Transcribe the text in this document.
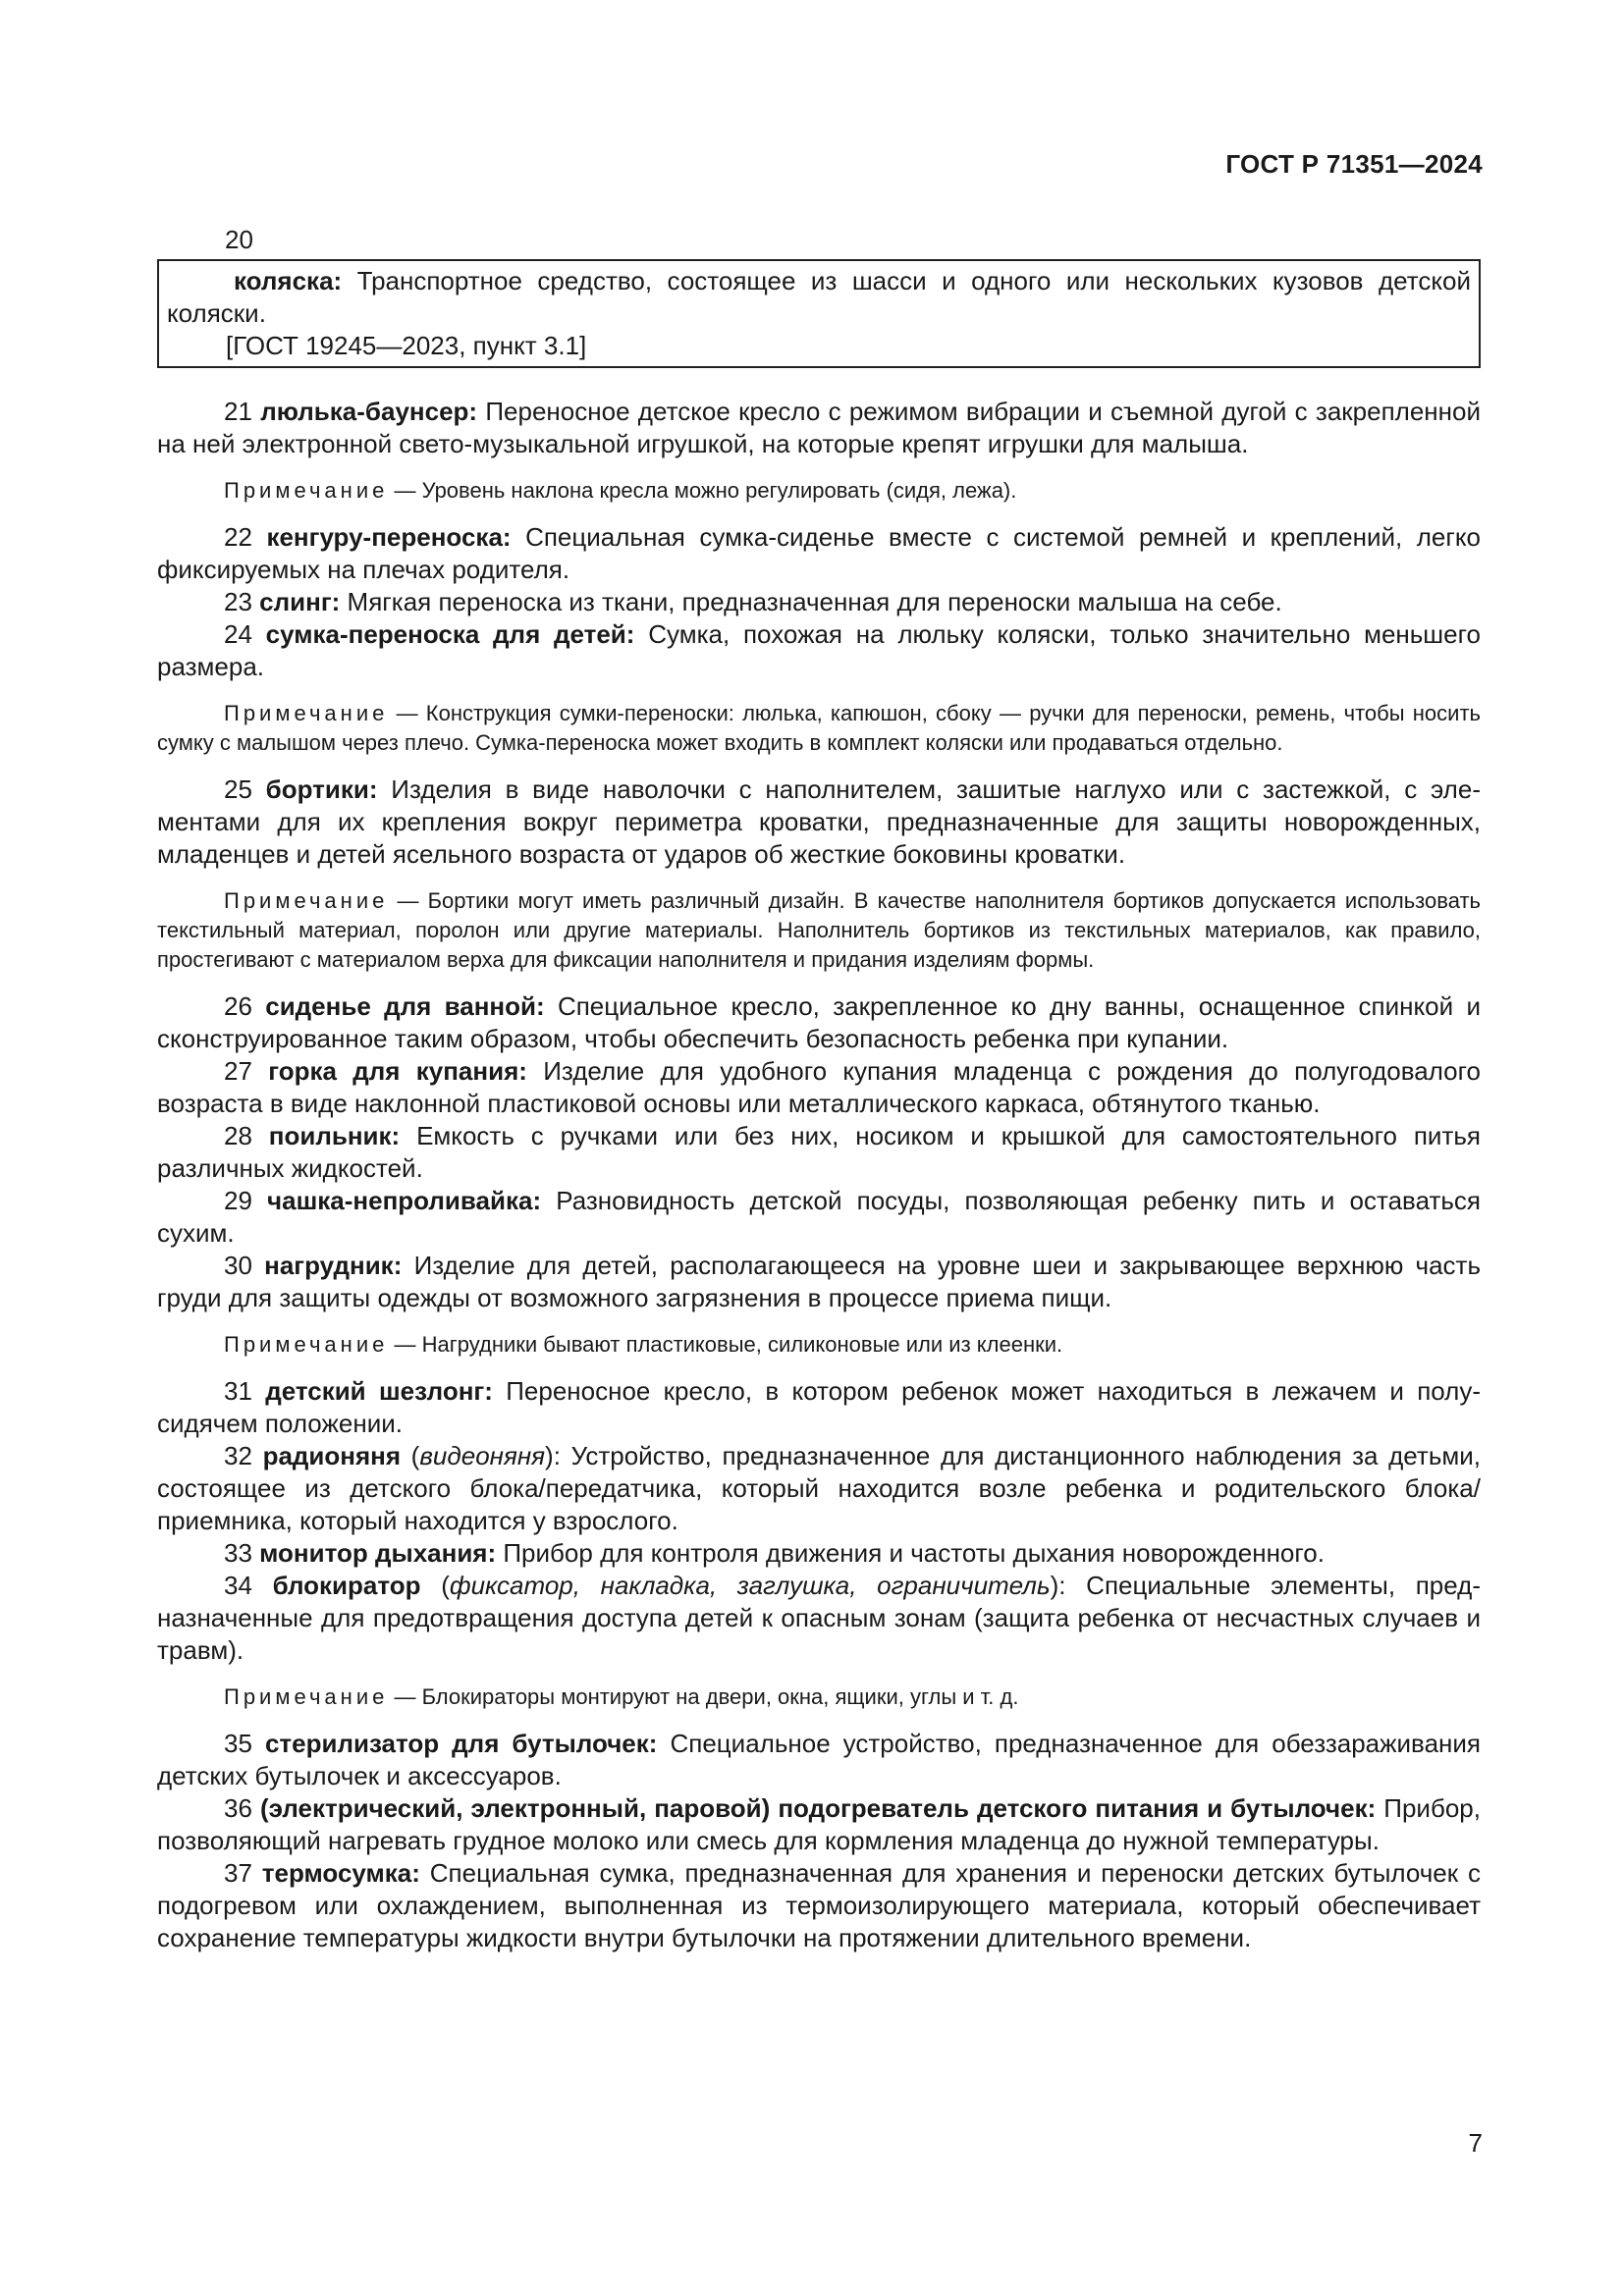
ГОСТ Р 71351—2024
20

коляска: Транспортное средство, состоящее из шасси и одного или нескольких кузовов детской коляски.

[ГОСТ 19245—2023, пункт 3.1]

21 люлька-баунсер: Переносное детское кресло с режимом вибрации и съемной дугой с закрепленной на ней электронной свето-музыкальной игрушкой, на которые крепят игрушки для малыша.

Примечание — Уровень наклона кресла можно регулировать (сидя, лежа).

22 кенгуру-переноска: Специальная сумка-сиденье вместе с системой ремней и креплений, легко фиксируемых на плечах родителя.

23 слинг: Мягкая переноска из ткани, предназначенная для переноски малыша на себе.

24 сумка-переноска для детей: Сумка, похожая на люльку коляски, только значительно меньшего размера.

Примечание — Конструкция сумки-переноски: люлька, капюшон, сбоку — ручки для переноски, ремень, чтобы носить сумку с малышом через плечо. Сумка-переноска может входить в комплект коляски или продаваться отдельно.

25 бортики: Изделия в виде наволочки с наполнителем, зашитые наглухо или с застежкой, с элементами для их крепления вокруг периметра кроватки, предназначенные для защиты новорожденных, младенцев и детей ясельного возраста от ударов об жесткие боковины кроватки.

Примечание — Бортики могут иметь различный дизайн. В качестве наполнителя бортиков допускается использовать текстильный материал, поролон или другие материалы. Наполнитель бортиков из текстильных материалов, как правило, простегивают с материалом верха для фиксации наполнителя и придания изделиям формы.

26 сиденье для ванной: Специальное кресло, закрепленное ко дну ванны, оснащенное спинкой и сконструированное таким образом, чтобы обеспечить безопасность ребенка при купании.

27 горка для купания: Изделие для удобного купания младенца с рождения до полугодовалого возраста в виде наклонной пластиковой основы или металлического каркаса, обтянутого тканью.

28 поильник: Емкость с ручками или без них, носиком и крышкой для самостоятельного питья различных жидкостей.

29 чашка-непроливайка: Разновидность детской посуды, позволяющая ребенку пить и оставаться сухим.

30 нагрудник: Изделие для детей, располагающееся на уровне шеи и закрывающее верхнюю часть груди для защиты одежды от возможного загрязнения в процессе приема пищи.

Примечание — Нагрудники бывают пластиковые, силиконовые или из клеенки.

31 детский шезлонг: Переносное кресло, в котором ребенок может находиться в лежачем и полусидячем положении.

32 радионяня (видеоняня): Устройство, предназначенное для дистанционного наблюдения за детьми, состоящее из детского блока/передатчика, который находится возле ребенка и родительского блока/приемника, который находится у взрослого.

33 монитор дыхания: Прибор для контроля движения и частоты дыхания новорожденного.

34 блокиратор (фиксатор, накладка, заглушка, ограничитель): Специальные элементы, предназначенные для предотвращения доступа детей к опасным зонам (защита ребенка от несчастных случаев и травм).

Примечание — Блокираторы монтируют на двери, окна, ящики, углы и т. д.

35 стерилизатор для бутылочек: Специальное устройство, предназначенное для обеззараживания детских бутылочек и аксессуаров.

36 (электрический, электронный, паровой) подогреватель детского питания и бутылочек: Прибор, позволяющий нагревать грудное молоко или смесь для кормления младенца до нужной температуры.

37 термосумка: Специальная сумка, предназначенная для хранения и переноски детских бутылочек с подогревом или охлаждением, выполненная из термоизолирующего материала, который обеспечивает сохранение температуры жидкости внутри бутылочки на протяжении длительного времени.

7
